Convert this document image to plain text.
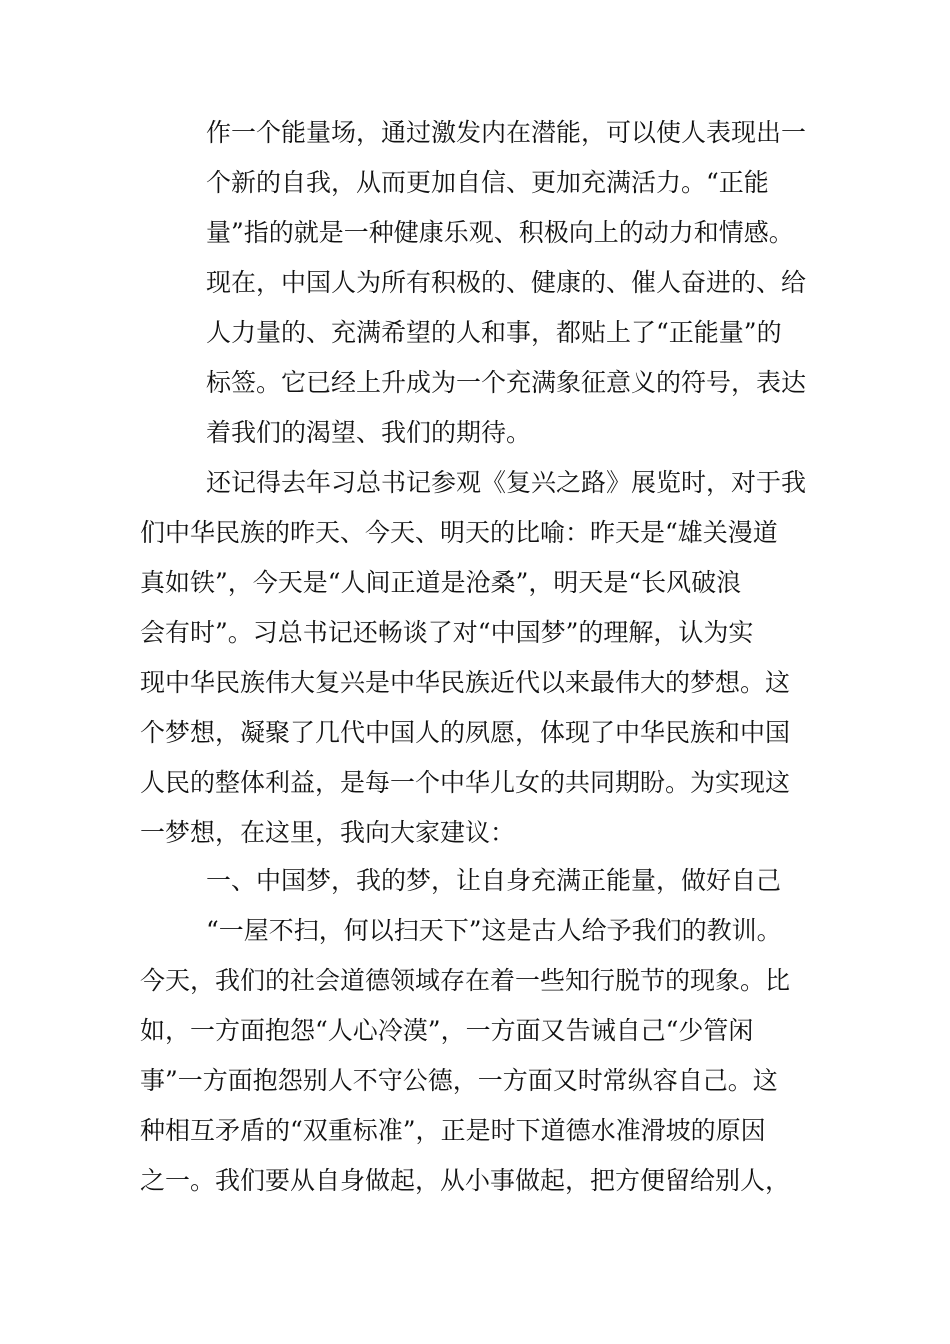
作一个能量场，通过激发内在潜能，可以使人表现出一

个新的自我，从而更加自信、更加充满活力。“正能

量”指的就是一种健康乐观、积极向上的动力和情感。

现在，中国人为所有积极的、健康的、催人奋进的、给

人力量的、充满希望的人和事，都贴上了“正能量”的

标签。它已经上升成为一个充满象征意义的符号，表达

着我们的渴望、我们的期待。

还记得去年习总书记参观《复兴之路》展览时，对于我

们中华民族的昨天、今天、明天的比喻：昨天是“雄关漫道

真如铁”，今天是“人间正道是沧桑”，明天是“长风破浪

会有时”。习总书记还畅谈了对“中国梦”的理解，认为实

现中华民族伟大复兴是中华民族近代以来最伟大的梦想。这

个梦想，凝聚了几代中国人的夙愿，体现了中华民族和中国

人民的整体利益，是每一个中华儿女的共同期盼。为实现这

一梦想，在这里，我向大家建议：

一、中国梦，我的梦，让自身充满正能量，做好自己

“一屋不扫，何以扫天下”这是古人给予我们的教训。

今天，我们的社会道德领域存在着一些知行脱节的现象。比

如，一方面抱怨“人心冷漠”，一方面又告诫自己“少管闲

事”一方面抱怨别人不守公德，一方面又时常纵容自己。这

种相互矛盾的“双重标准”，正是时下道德水准滑坡的原因

之一。我们要从自身做起，从小事做起，把方便留给别人，
